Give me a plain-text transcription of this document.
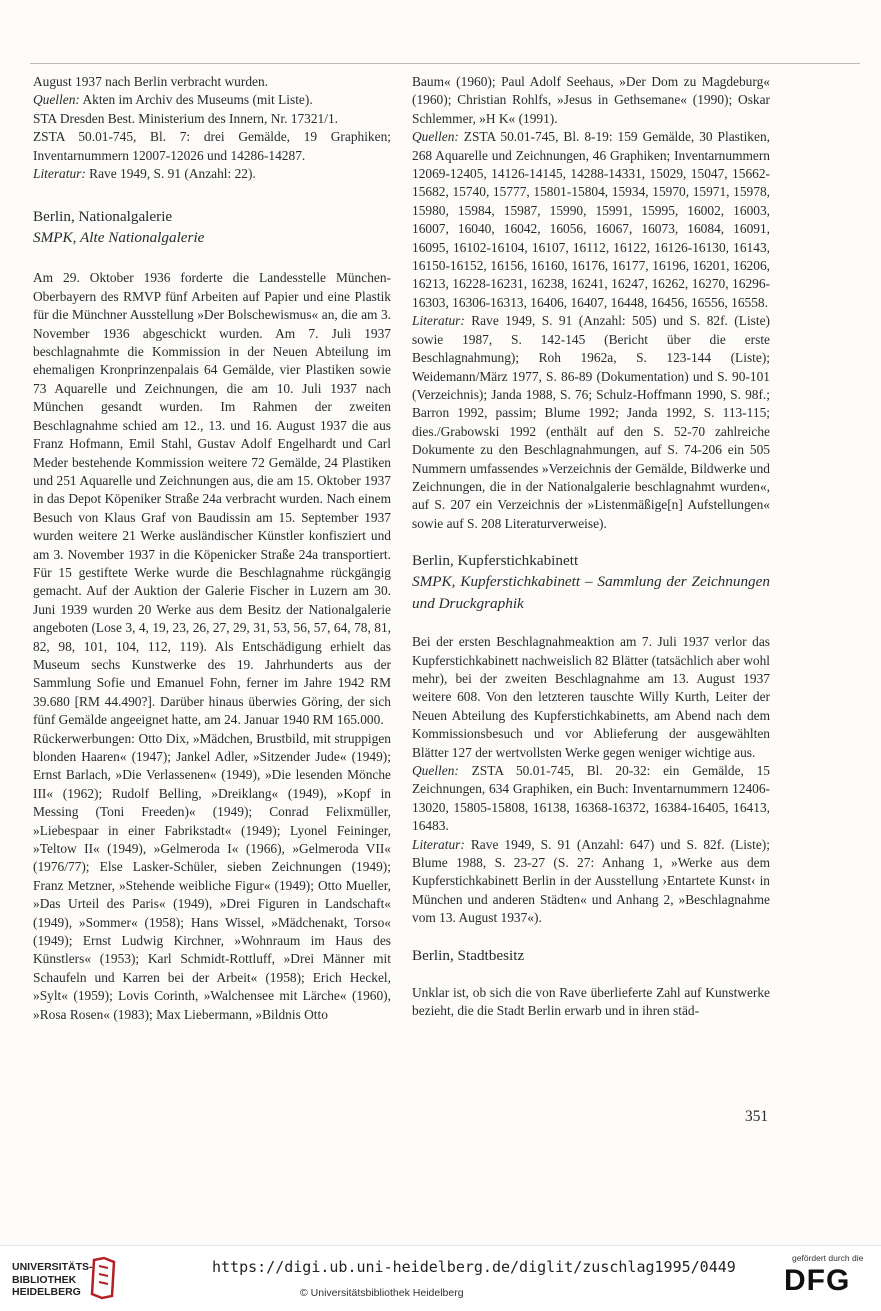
August 1937 nach Berlin verbracht wurden.

Quellen: Akten im Archiv des Museums (mit Liste).

STA Dresden Best. Ministerium des Innern, Nr. 17321/1.

ZSTA 50.01-745, Bl. 7: drei Gemälde, 19 Graphiken; Inventarnummern 12007-12026 und 14286-14287.

Literatur: Rave 1949, S. 91 (Anzahl: 22).

Berlin, Nationalgalerie

SMPK, Alte Nationalgalerie

Am 29. Oktober 1936 forderte die Landesstelle München-Oberbayern des RMVP fünf Arbeiten auf Papier und eine Plastik für die Münchner Ausstellung »Der Bolschewismus« an, die am 3. November 1936 abgeschickt wurden. Am 7. Juli 1937 beschlagnahmte die Kommission in der Neuen Abteilung im ehemaligen Kronprinzenpalais 64 Gemälde, vier Plastiken sowie 73 Aquarelle und Zeichnungen, die am 10. Juli 1937 nach München gesandt wurden. Im Rahmen der zweiten Beschlagnahme schied am 12., 13. und 16. August 1937 die aus Franz Hofmann, Emil Stahl, Gustav Adolf Engelhardt und Carl Meder bestehende Kommission weitere 72 Gemälde, 24 Plastiken und 251 Aquarelle und Zeichnungen aus, die am 15. Oktober 1937 in das Depot Köpeniker Straße 24a verbracht wurden. Nach einem Besuch von Klaus Graf von Baudissin am 15. September 1937 wurden weitere 21 Werke ausländischer Künstler konfisziert und am 3. November 1937 in die Köpenicker Straße 24a transportiert. Für 15 gestiftete Werke wurde die Beschlagnahme rückgängig gemacht. Auf der Auktion der Galerie Fischer in Luzern am 30. Juni 1939 wurden 20 Werke aus dem Besitz der Nationalgalerie angeboten (Lose 3, 4, 19, 23, 26, 27, 29, 31, 53, 56, 57, 64, 78, 81, 82, 98, 101, 104, 112, 119). Als Entschädigung erhielt das Museum sechs Kunstwerke des 19. Jahrhunderts aus der Sammlung Sofie und Emanuel Fohn, ferner im Jahre 1942 RM 39.680 [RM 44.490?]. Darüber hinaus überwies Göring, der sich fünf Gemälde angeeignet hatte, am 24. Januar 1940 RM 165.000.

Rückerwerbungen: Otto Dix, »Mädchen, Brustbild, mit struppigen blonden Haaren« (1947); Jankel Adler, »Sitzender Jude« (1949); Ernst Barlach, »Die Verlassenen« (1949), »Die lesenden Mönche III« (1962); Rudolf Belling, »Dreiklang« (1949), »Kopf in Messing (Toni Freeden)« (1949); Conrad Felixmüller, »Liebespaar in einer Fabrikstadt« (1949); Lyonel Feininger, »Teltow II« (1949), »Gelmeroda I« (1966), »Gelmeroda VII« (1976/77); Else Lasker-Schüler, sieben Zeichnungen (1949); Franz Metzner, »Stehende weibliche Figur« (1949); Otto Mueller, »Das Urteil des Paris« (1949), »Drei Figuren in Landschaft« (1949), »Sommer« (1958); Hans Wissel, »Mädchenakt, Torso« (1949); Ernst Ludwig Kirchner, »Wohnraum im Haus des Künstlers« (1953); Karl Schmidt-Rottluff, »Drei Männer mit Schaufeln und Karren bei der Arbeit« (1958); Erich Heckel, »Sylt« (1959); Lovis Corinth, »Walchensee mit Lärche« (1960), »Rosa Rosen« (1983); Max Liebermann, »Bildnis Otto

Baum« (1960); Paul Adolf Seehaus, »Der Dom zu Magdeburg« (1960); Christian Rohlfs, »Jesus in Gethsemane« (1990); Oskar Schlemmer, »H K« (1991).

Quellen: ZSTA 50.01-745, Bl. 8-19: 159 Gemälde, 30 Plastiken, 268 Aquarelle und Zeichnungen, 46 Graphiken; Inventarnummern 12069-12405, 14126-14145, 14288-14331, 15029, 15047, 15662-15682, 15740, 15777, 15801-15804, 15934, 15970, 15971, 15978, 15980, 15984, 15987, 15990, 15991, 15995, 16002, 16003, 16007, 16040, 16042, 16056, 16067, 16073, 16084, 16091, 16095, 16102-16104, 16107, 16112, 16122, 16126-16130, 16143, 16150-16152, 16156, 16160, 16176, 16177, 16196, 16201, 16206, 16213, 16228-16231, 16238, 16241, 16247, 16262, 16270, 16296-16303, 16306-16313, 16406, 16407, 16448, 16456, 16556, 16558.

Literatur: Rave 1949, S. 91 (Anzahl: 505) und S. 82f. (Liste) sowie 1987, S. 142-145 (Bericht über die erste Beschlagnahmung); Roh 1962a, S. 123-144 (Liste); Weidemann/März 1977, S. 86-89 (Dokumentation) und S. 90-101 (Verzeichnis); Janda 1988, S. 76; Schulz-Hoffmann 1990, S. 98f.; Barron 1992, passim; Blume 1992; Janda 1992, S. 113-115; dies./Grabowski 1992 (enthält auf den S. 52-70 zahlreiche Dokumente zu den Beschlagnahmungen, auf S. 74-206 ein 505 Nummern umfassendes »Verzeichnis der Gemälde, Bildwerke und Zeichnungen, die in der Nationalgalerie beschlagnahmt wurden«, auf S. 207 ein Verzeichnis der »Listenmäßige[n] Aufstellungen« sowie auf S. 208 Literaturverweise).

Berlin, Kupferstichkabinett

SMPK, Kupferstichkabinett – Sammlung der Zeichnungen und Druckgraphik

Bei der ersten Beschlagnahmeaktion am 7. Juli 1937 verlor das Kupferstichkabinett nachweislich 82 Blätter (tatsächlich aber wohl mehr), bei der zweiten Beschlagnahme am 13. August 1937 weitere 608. Von den letzteren tauschte Willy Kurth, Leiter der Neuen Abteilung des Kupferstichkabinetts, am Abend nach dem Kommissionsbesuch und vor Ablieferung der ausgewählten Blätter 127 der wertvollsten Werke gegen weniger wichtige aus.

Quellen: ZSTA 50.01-745, Bl. 20-32: ein Gemälde, 15 Zeichnungen, 634 Graphiken, ein Buch: Inventarnummern 12406-13020, 15805-15808, 16138, 16368-16372, 16384-16405, 16413, 16483.

Literatur: Rave 1949, S. 91 (Anzahl: 647) und S. 82f. (Liste); Blume 1988, S. 23-27 (S. 27: Anhang 1, »Werke aus dem Kupferstichkabinett Berlin in der Ausstellung ›Entartete Kunst‹ in München und anderen Städten« und Anhang 2, »Beschlagnahme vom 13. August 1937«).

Berlin, Stadtbesitz

Unklar ist, ob sich die von Rave überlieferte Zahl auf Kunstwerke bezieht, die die Stadt Berlin erwarb und in ihren städ-

351
UNIVERSITÄTS-
BIBLIOTHEK
HEIDELBERG
https://digi.ub.uni-heidelberg.de/diglit/zuschlag1995/0449
© Universitätsbibliothek Heidelberg
gefördert durch die
DFG
